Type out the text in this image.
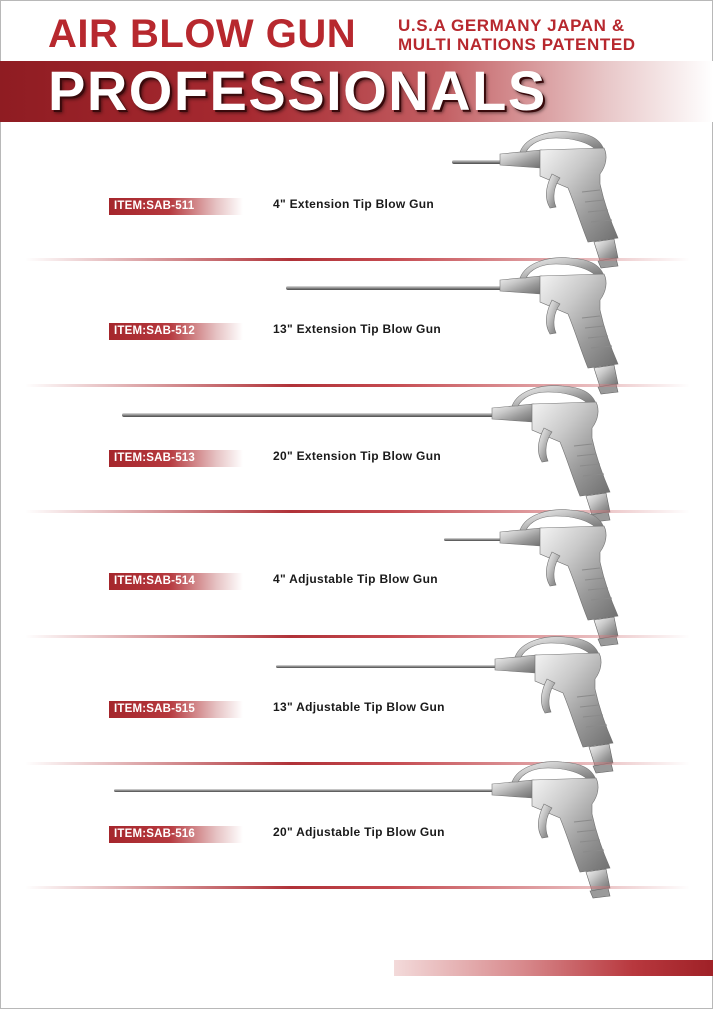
AIR BLOW GUN U.S.A GERMANY JAPAN &
MULTI NATIONS PATENTED
PROFESSIONALS
ITEM:SAB-511	4" Extension Tip Blow Gun
ITEM:SAB-512	13" Extension Tip Blow Gun
ITEM:SAB-513	20" Extension Tip Blow Gun
ITEM:SAB-514	4" Adjustable Tip Blow Gun
ITEM:SAB-515	13" Adjustable Tip Blow Gun
ITEM:SAB-516	20" Adjustable Tip Blow Gun
